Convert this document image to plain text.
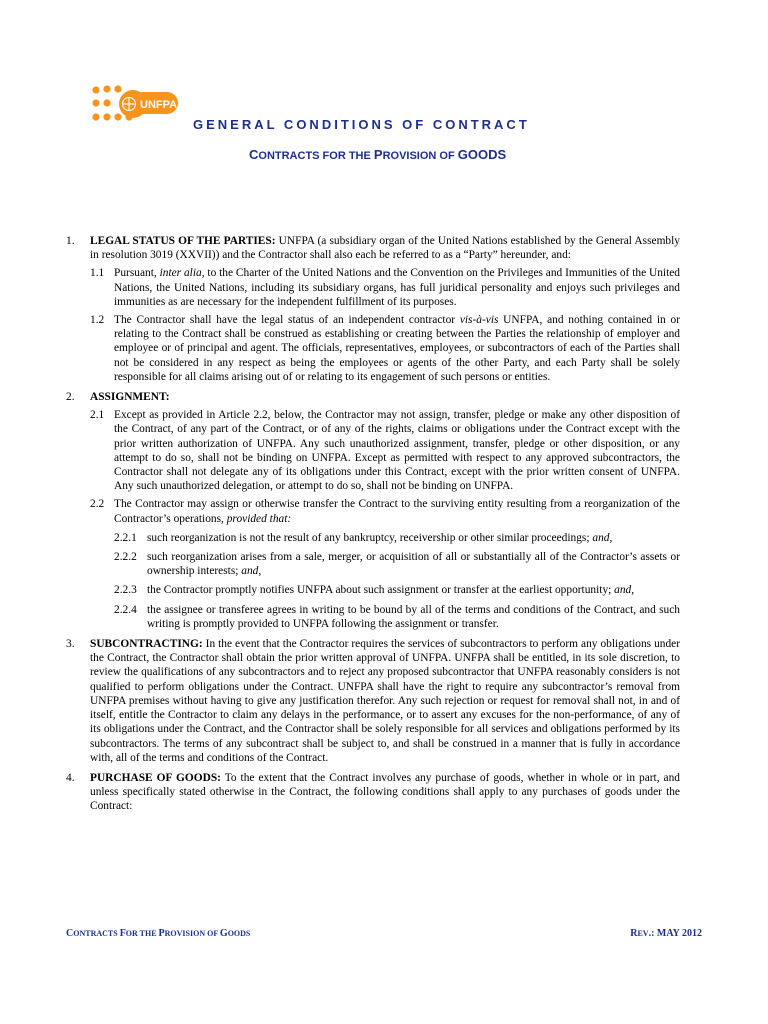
UNFPA
GENERAL CONDITIONS OF CONTRACT
CONTRACTS FOR THE PROVISION OF GOODS
1. LEGAL STATUS OF THE PARTIES: UNFPA (a subsidiary organ of the United Nations established by the General Assembly in resolution 3019 (XXVII)) and the Contractor shall also each be referred to as a “Party” hereunder, and:
1.1 Pursuant, inter alia, to the Charter of the United Nations and the Convention on the Privileges and Immunities of the United Nations, the United Nations, including its subsidiary organs, has full juridical personality and enjoys such privileges and immunities as are necessary for the independent fulfillment of its purposes.
1.2 The Contractor shall have the legal status of an independent contractor vis-à-vis UNFPA, and nothing contained in or relating to the Contract shall be construed as establishing or creating between the Parties the relationship of employer and employee or of principal and agent. The officials, representatives, employees, or subcontractors of each of the Parties shall not be considered in any respect as being the employees or agents of the other Party, and each Party shall be solely responsible for all claims arising out of or relating to its engagement of such persons or entities.
2. ASSIGNMENT:
2.1 Except as provided in Article 2.2, below, the Contractor may not assign, transfer, pledge or make any other disposition of the Contract, of any part of the Contract, or of any of the rights, claims or obligations under the Contract except with the prior written authorization of UNFPA. Any such unauthorized assignment, transfer, pledge or other disposition, or any attempt to do so, shall not be binding on UNFPA. Except as permitted with respect to any approved subcontractors, the Contractor shall not delegate any of its obligations under this Contract, except with the prior written consent of UNFPA. Any such unauthorized delegation, or attempt to do so, shall not be binding on UNFPA.
2.2 The Contractor may assign or otherwise transfer the Contract to the surviving entity resulting from a reorganization of the Contractor’s operations, provided that:
2.2.1 such reorganization is not the result of any bankruptcy, receivership or other similar proceedings; and,
2.2.2 such reorganization arises from a sale, merger, or acquisition of all or substantially all of the Contractor’s assets or ownership interests; and,
2.2.3 the Contractor promptly notifies UNFPA about such assignment or transfer at the earliest opportunity; and,
2.2.4 the assignee or transferee agrees in writing to be bound by all of the terms and conditions of the Contract, and such writing is promptly provided to UNFPA following the assignment or transfer.
3. SUBCONTRACTING: In the event that the Contractor requires the services of subcontractors to perform any obligations under the Contract, the Contractor shall obtain the prior written approval of UNFPA. UNFPA shall be entitled, in its sole discretion, to review the qualifications of any subcontractors and to reject any proposed subcontractor that UNFPA reasonably considers is not qualified to perform obligations under the Contract. UNFPA shall have the right to require any subcontractor’s removal from UNFPA premises without having to give any justification therefor. Any such rejection or request for removal shall not, in and of itself, entitle the Contractor to claim any delays in the performance, or to assert any excuses for the non-performance, of any of its obligations under the Contract, and the Contractor shall be solely responsible for all services and obligations performed by its subcontractors. The terms of any subcontract shall be subject to, and shall be construed in a manner that is fully in accordance with, all of the terms and conditions of the Contract.
4. PURCHASE OF GOODS: To the extent that the Contract involves any purchase of goods, whether in whole or in part, and unless specifically stated otherwise in the Contract, the following conditions shall apply to any purchases of goods under the Contract:
CONTRACTS FOR THE PROVISION OF GOODS	REV.: MAY 2012
